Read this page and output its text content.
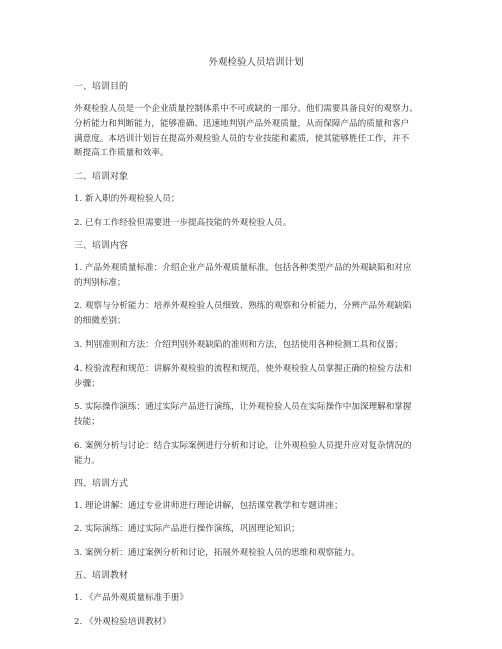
外观检验人员培训计划
一、培训目的
外观检验人员是一个企业质量控制体系中不可或缺的一部分。他们需要具备良好的观察力、
分析能力和判断能力，能够准确、迅速地判别产品外观质量，从而保障产品的质量和客户
满意度。本培训计划旨在提高外观检验人员的专业技能和素质，使其能够胜任工作，并不
断提高工作质量和效率。
二、培训对象
1. 新入职的外观检验人员；
2. 已有工作经验但需要进一步提高技能的外观检验人员。
三、培训内容
1. 产品外观质量标准：介绍企业产品外观质量标准，包括各种类型产品的外观缺陷和对应
的判别标准；
2. 观察与分析能力：培养外观检验人员细致、熟练的观察和分析能力，分辨产品外观缺陷
的细微差别；
3. 判别准则和方法：介绍判别外观缺陷的准则和方法，包括使用各种检测工具和仪器；
4. 检验流程和规范：讲解外观检验的流程和规范，使外观检验人员掌握正确的检验方法和
步骤；
5. 实际操作演练：通过实际产品进行演练，让外观检验人员在实际操作中加深理解和掌握
技能；
6. 案例分析与讨论：结合实际案例进行分析和讨论，让外观检验人员提升应对复杂情况的
能力。
四、培训方式
1. 理论讲解：通过专业讲师进行理论讲解，包括课堂教学和专题讲座；
2. 实际演练：通过实际产品进行操作演练，巩固理论知识；
3. 案例分析：通过案例分析和讨论，拓展外观检验人员的思维和观察能力。
五、培训教材
1. 《产品外观质量标准手册》
2. 《外观检验培训教材》
